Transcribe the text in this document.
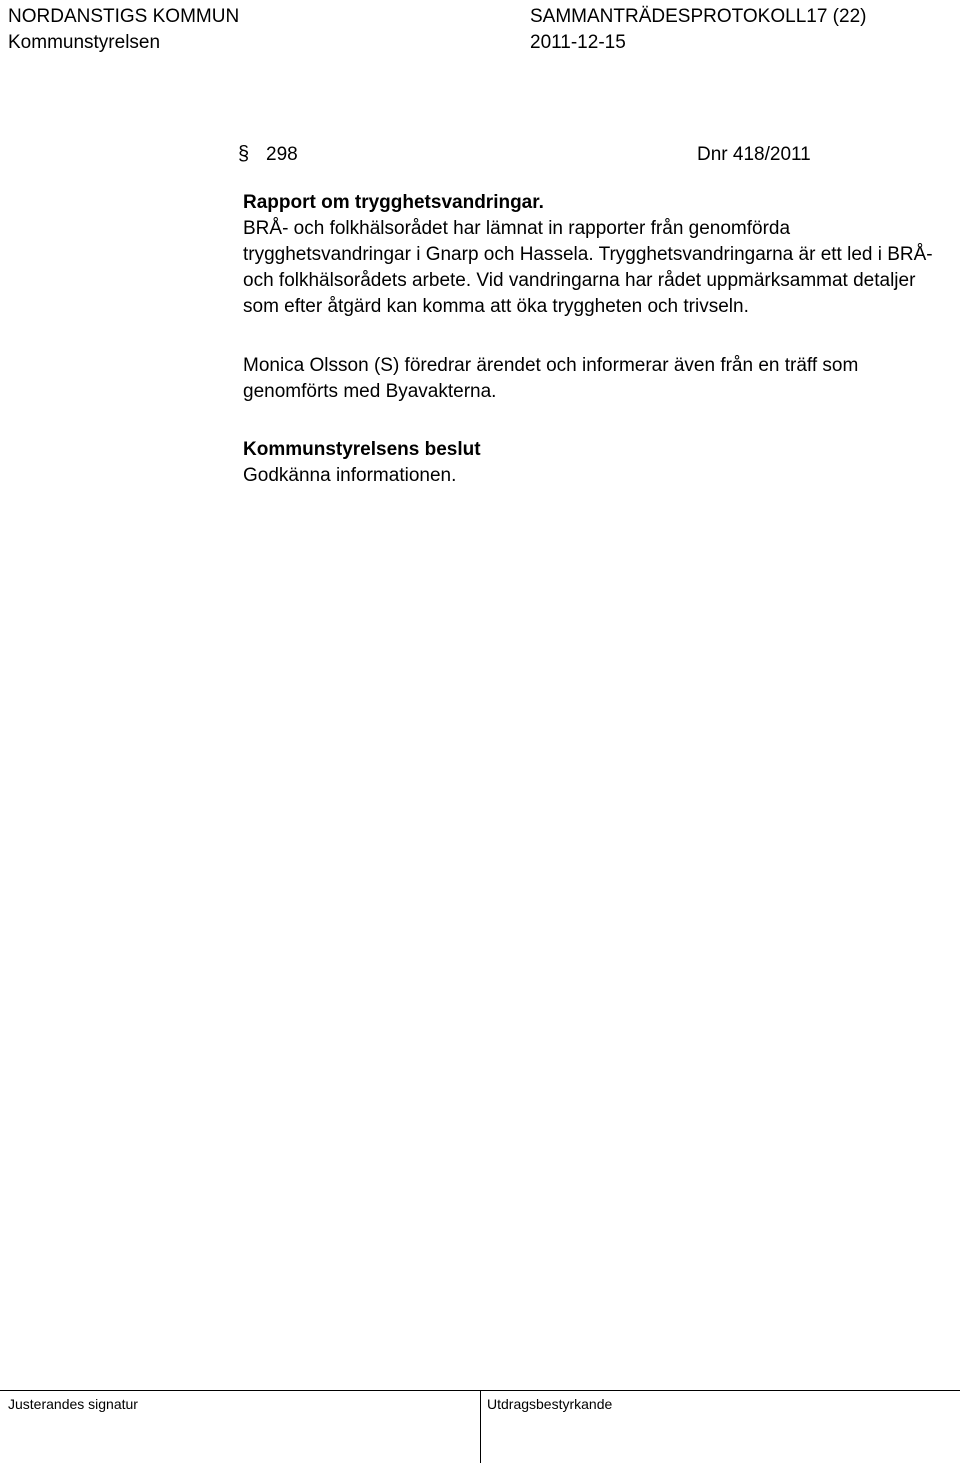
NORDANSTIGS KOMMUN	SAMMANTRÄDESPROTOKOLL17 (22)
Kommunstyrelsen	2011-12-15
§ 298	Dnr 418/2011

Rapport om trygghetsvandringar.

BRÅ- och folkhälsorådet har lämnat in rapporter från genomförda trygghetsvandringar i Gnarp och Hassela. Trygghetsvandringarna är ett led i BRÅ- och folkhälsorådets arbete. Vid vandringarna har rådet uppmärksammat detaljer som efter åtgärd kan komma att öka tryggheten och trivseln.

Monica Olsson (S) föredrar ärendet och informerar även från en träff som genomförts med Byavakterna.

Kommunstyrelsens beslut
Godkänna informationen.
Justerandes signatur	Utdragsbestyrkande
